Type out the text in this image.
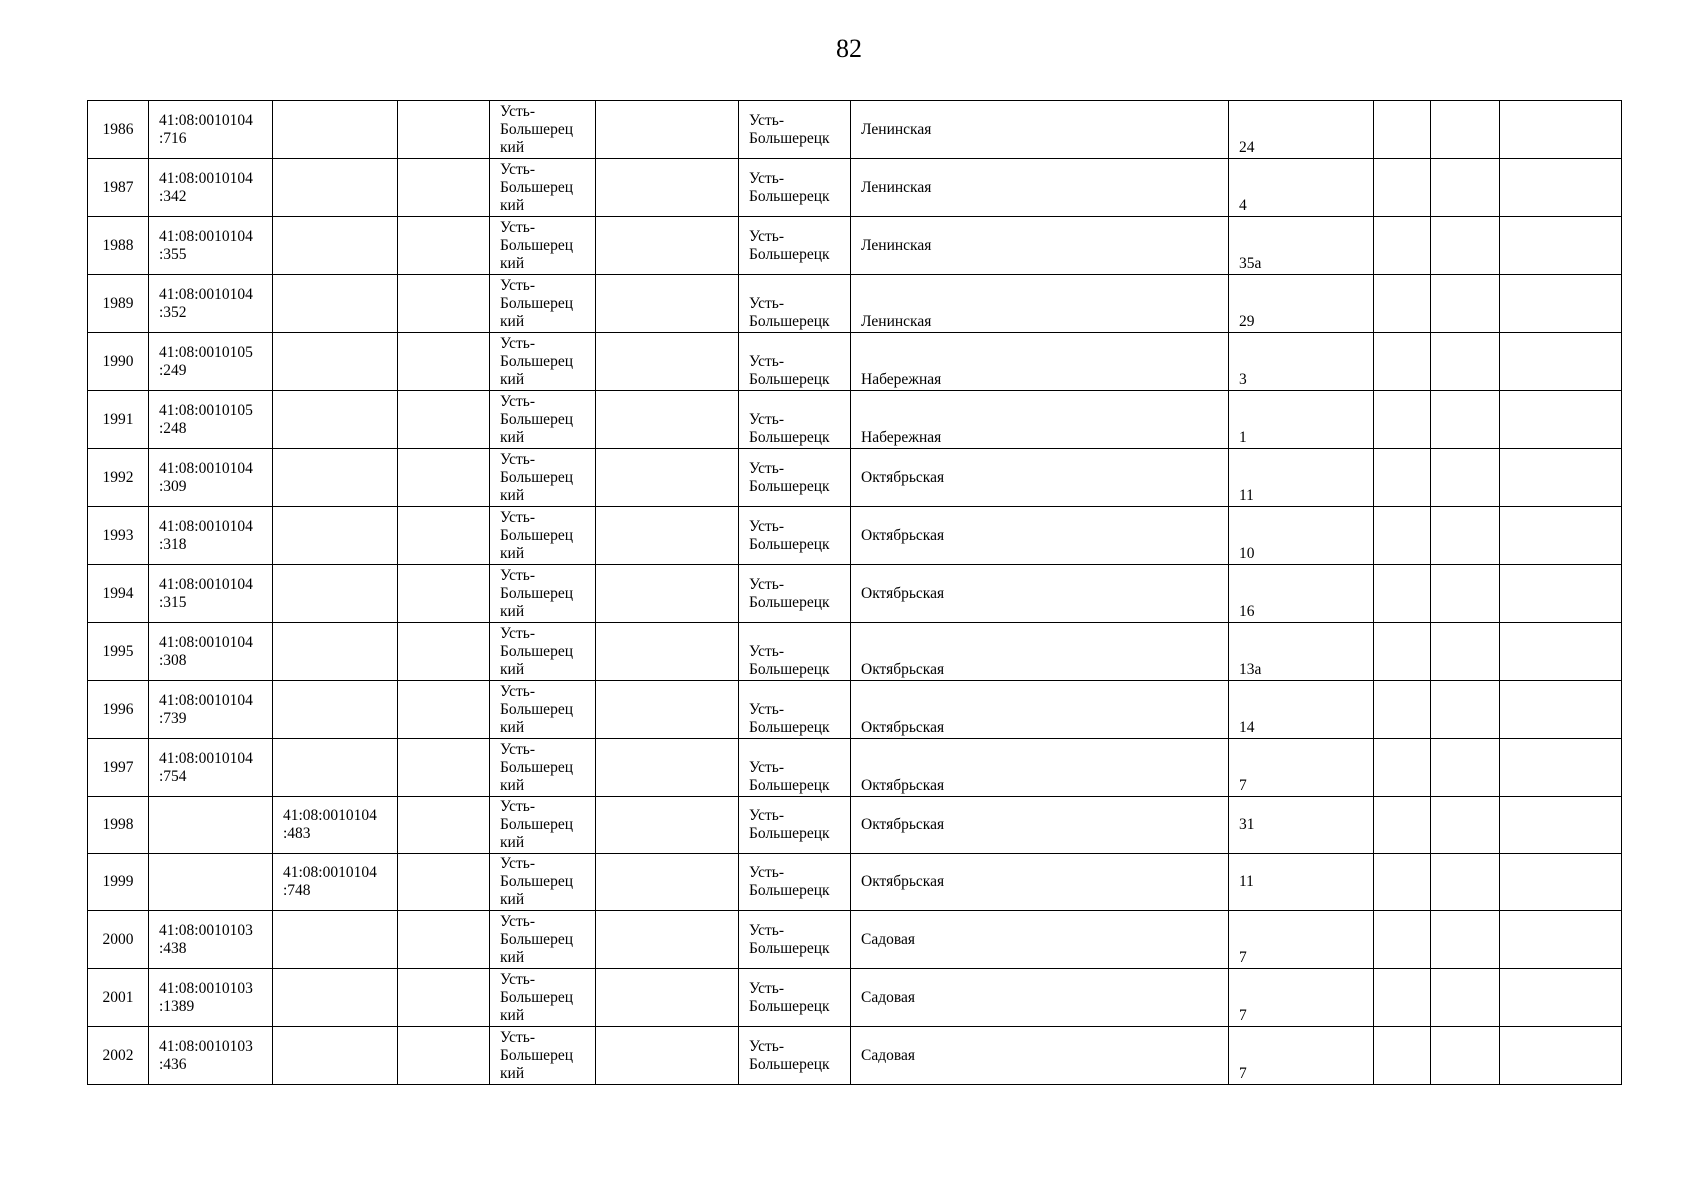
82
1986	41:08:0010104
:716			Усть-
Большерец
кий		Усть-
Большерецк	Ленинская	24			
1987	41:08:0010104
:342			Усть-
Большерец
кий		Усть-
Большерецк	Ленинская	4			
1988	41:08:0010104
:355			Усть-
Большерец
кий		Усть-
Большерецк	Ленинская	35а			
1989	41:08:0010104
:352			Усть-
Большерец
кий		Усть-
Большерецк	Ленинская	29			
1990	41:08:0010105
:249			Усть-
Большерец
кий		Усть-
Большерецк	Набережная	3			
1991	41:08:0010105
:248			Усть-
Большерец
кий		Усть-
Большерецк	Набережная	1			
1992	41:08:0010104
:309			Усть-
Большерец
кий		Усть-
Большерецк	Октябрьская	11			
1993	41:08:0010104
:318			Усть-
Большерец
кий		Усть-
Большерецк	Октябрьская	10			
1994	41:08:0010104
:315			Усть-
Большерец
кий		Усть-
Большерецк	Октябрьская	16			
1995	41:08:0010104
:308			Усть-
Большерец
кий		Усть-
Большерецк	Октябрьская	13а			
1996	41:08:0010104
:739			Усть-
Большерец
кий		Усть-
Большерецк	Октябрьская	14			
1997	41:08:0010104
:754			Усть-
Большерец
кий		Усть-
Большерецк	Октябрьская	7			
1998		41:08:0010104
:483		Усть-
Большерец
кий		Усть-
Большерецк	Октябрьская	31			
1999		41:08:0010104
:748		Усть-
Большерец
кий		Усть-
Большерецк	Октябрьская	11			
2000	41:08:0010103
:438			Усть-
Большерец
кий		Усть-
Большерецк	Садовая	7			
2001	41:08:0010103
:1389			Усть-
Большерец
кий		Усть-
Большерецк	Садовая	7			
2002	41:08:0010103
:436			Усть-
Большерец
кий		Усть-
Большерецк	Садовая	7			
